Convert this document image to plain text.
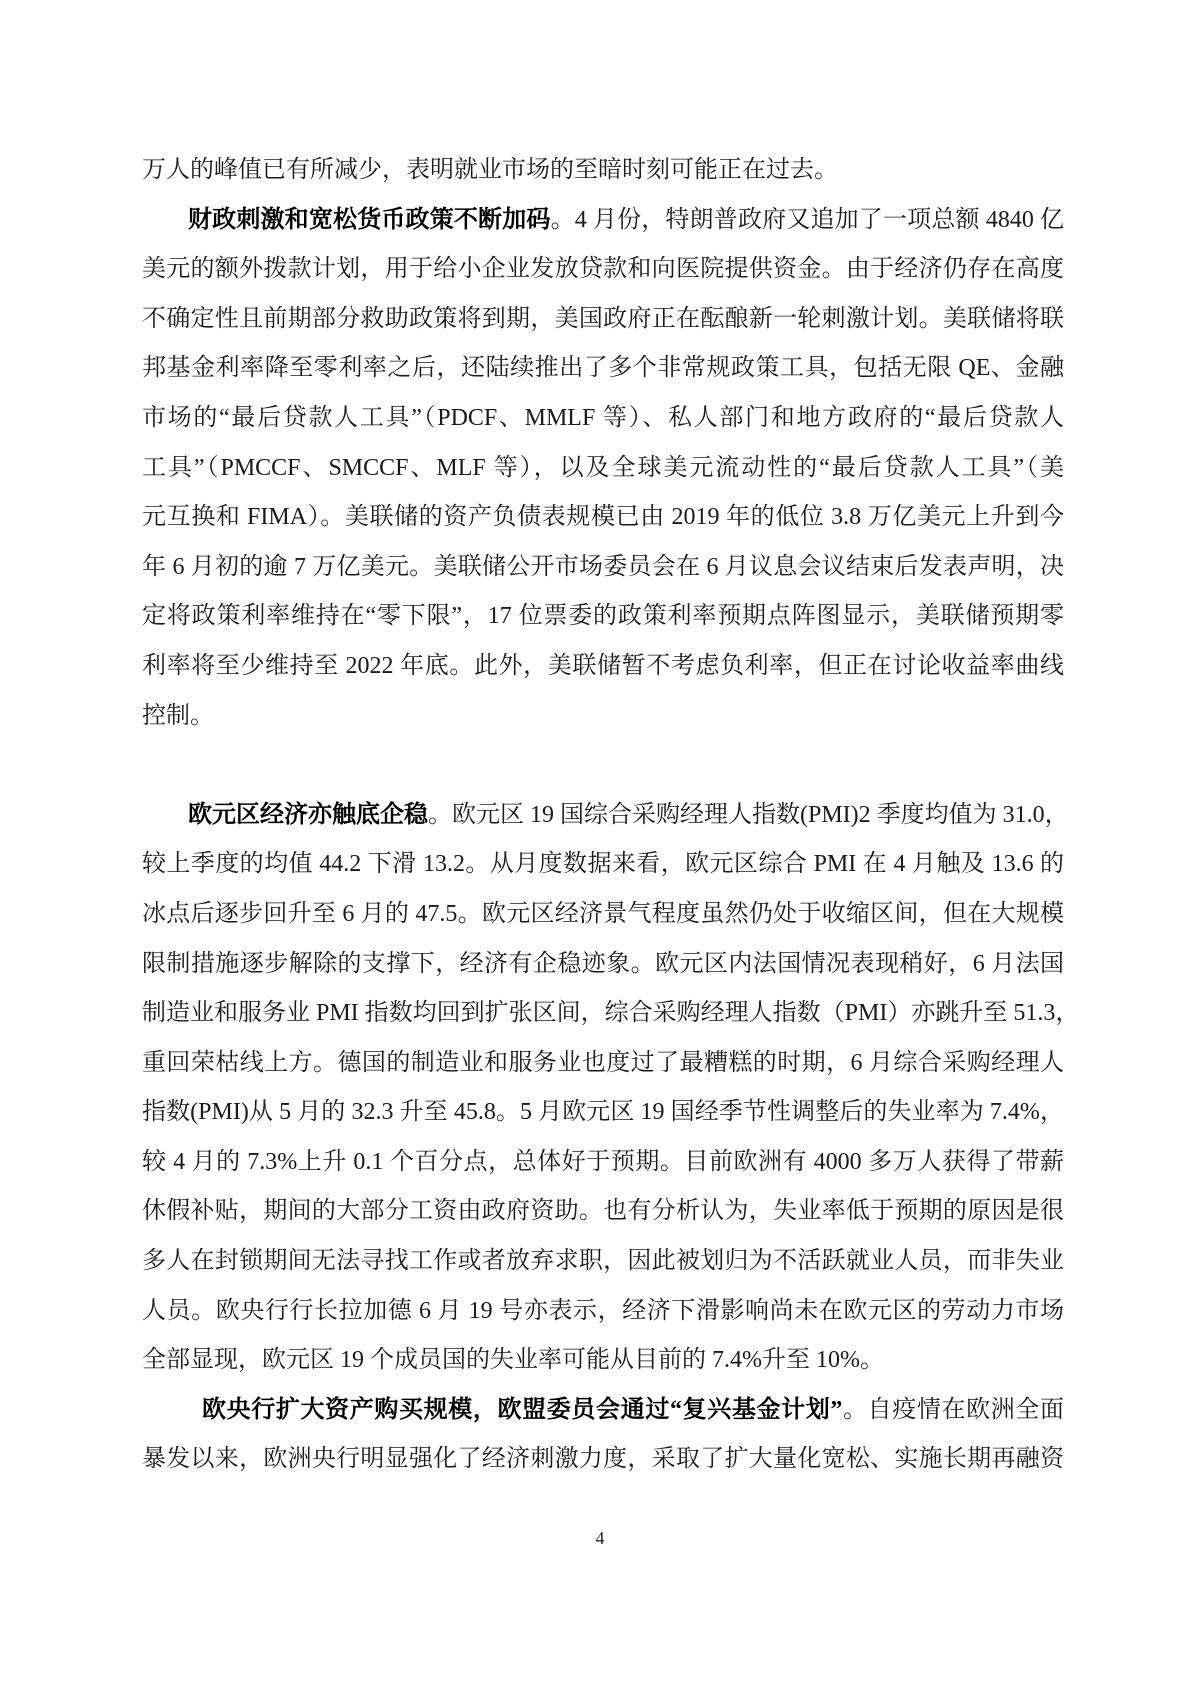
万人的峰值已有所减少，表明就业市场的至暗时刻可能正在过去。
财政刺激和宽松货币政策不断加码。4 月份，特朗普政府又追加了一项总额 4840 亿
美元的额外拨款计划，用于给小企业发放贷款和向医院提供资金。由于经济仍存在高度
不确定性且前期部分救助政策将到期，美国政府正在酝酿新一轮刺激计划。美联储将联
邦基金利率降至零利率之后，还陆续推出了多个非常规政策工具，包括无限 QE、金融
市场的“最后贷款人工具”（PDCF、MMLF 等）、私人部门和地方政府的“最后贷款人
工具”（PMCCF、SMCCF、MLF 等），以及全球美元流动性的“最后贷款人工具”（美
元互换和 FIMA）。美联储的资产负债表规模已由 2019 年的低位 3.8 万亿美元上升到今
年 6 月初的逾 7 万亿美元。美联储公开市场委员会在 6 月议息会议结束后发表声明，决
定将政策利率维持在“零下限”，17 位票委的政策利率预期点阵图显示，美联储预期零
利率将至少维持至 2022 年底。此外，美联储暂不考虑负利率，但正在讨论收益率曲线
控制。
欧元区经济亦触底企稳。欧元区 19 国综合采购经理人指数(PMI)2 季度均值为 31.0，
较上季度的均值 44.2 下滑 13.2。从月度数据来看，欧元区综合 PMI 在 4 月触及 13.6 的
冰点后逐步回升至 6 月的 47.5。欧元区经济景气程度虽然仍处于收缩区间，但在大规模
限制措施逐步解除的支撑下，经济有企稳迹象。欧元区内法国情况表现稍好，6 月法国
制造业和服务业 PMI 指数均回到扩张区间，综合采购经理人指数（PMI）亦跳升至 51.3，
重回荣枯线上方。德国的制造业和服务业也度过了最糟糕的时期，6 月综合采购经理人
指数(PMI)从 5 月的 32.3 升至 45.8。5 月欧元区 19 国经季节性调整后的失业率为 7.4%，
较 4 月的 7.3%上升 0.1 个百分点，总体好于预期。目前欧洲有 4000 多万人获得了带薪
休假补贴，期间的大部分工资由政府资助。也有分析认为，失业率低于预期的原因是很
多人在封锁期间无法寻找工作或者放弃求职，因此被划归为不活跃就业人员，而非失业
人员。欧央行行长拉加德 6 月 19 号亦表示，经济下滑影响尚未在欧元区的劳动力市场
全部显现，欧元区 19 个成员国的失业率可能从目前的 7.4%升至 10%。
欧央行扩大资产购买规模，欧盟委员会通过“复兴基金计划”。自疫情在欧洲全面
暴发以来，欧洲央行明显强化了经济刺激力度，采取了扩大量化宽松、实施长期再融资
4
